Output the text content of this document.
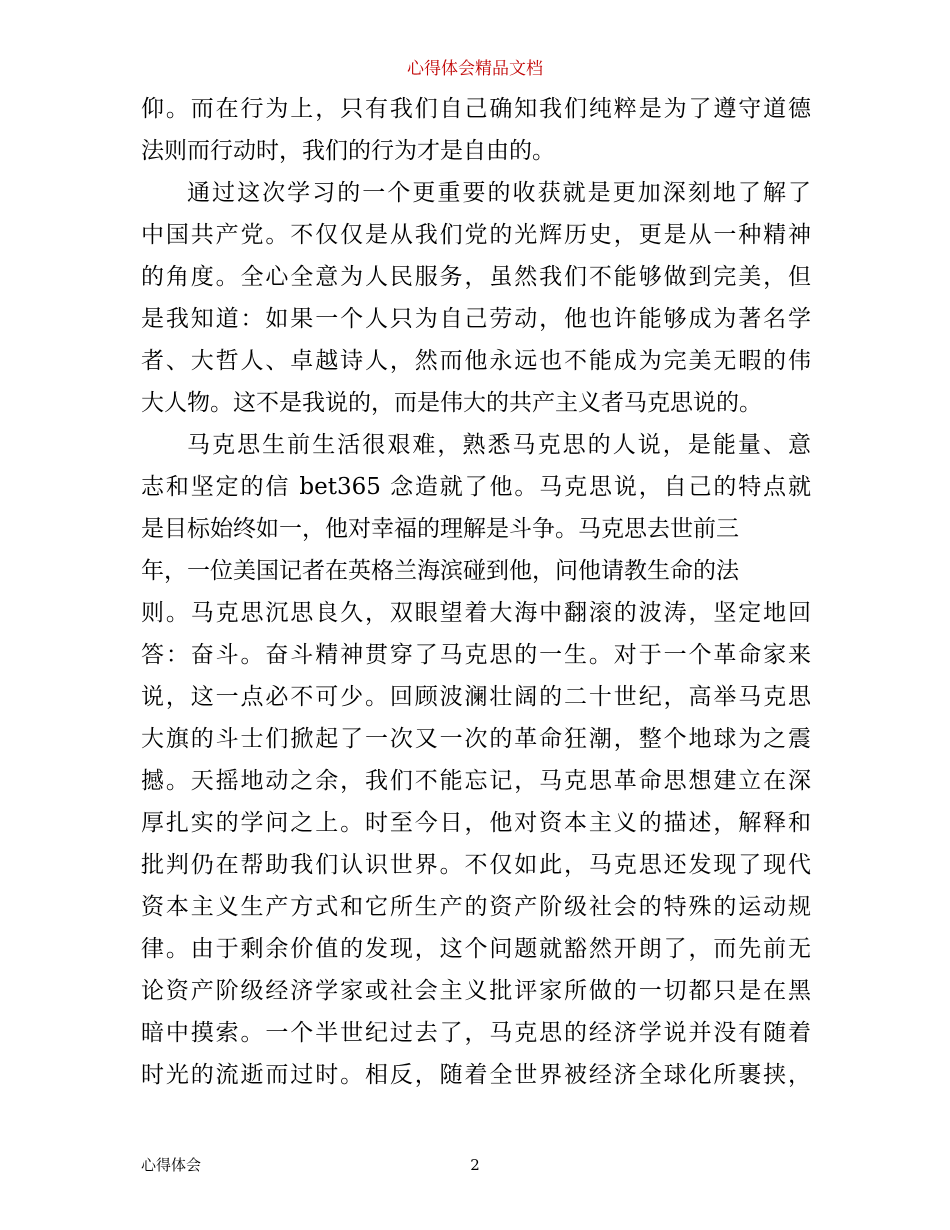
心得体会精品文档
仰。而在行为上，只有我们自己确知我们纯粹是为了遵守道德
法则而行动时，我们的行为才是自由的。
通过这次学习的一个更重要的收获就是更加深刻地了解了
中国共产党。不仅仅是从我们党的光辉历史，更是从一种精神
的角度。全心全意为人民服务，虽然我们不能够做到完美，但
是我知道：如果一个人只为自己劳动，他也许能够成为著名学
者、大哲人、卓越诗人，然而他永远也不能成为完美无暇的伟
大人物。这不是我说的，而是伟大的共产主义者马克思说的。
马克思生前生活很艰难，熟悉马克思的人说，是能量、意
志和坚定的信 bet365 念造就了他。马克思说，自己的特点就
是目标始终如一，他对幸福的理解是斗争。马克思去世前三
年，一位美国记者在英格兰海滨碰到他，问他请教生命的法
则。马克思沉思良久，双眼望着大海中翻滚的波涛，坚定地回
答：奋斗。奋斗精神贯穿了马克思的一生。对于一个革命家来
说，这一点必不可少。回顾波澜壮阔的二十世纪，高举马克思
大旗的斗士们掀起了一次又一次的革命狂潮，整个地球为之震
撼。天摇地动之余，我们不能忘记，马克思革命思想建立在深
厚扎实的学问之上。时至今日，他对资本主义的描述，解释和
批判仍在帮助我们认识世界。不仅如此，马克思还发现了现代
资本主义生产方式和它所生产的资产阶级社会的特殊的运动规
律。由于剩余价值的发现，这个问题就豁然开朗了，而先前无
论资产阶级经济学家或社会主义批评家所做的一切都只是在黑
暗中摸索。一个半世纪过去了，马克思的经济学说并没有随着
时光的流逝而过时。相反，随着全世界被经济全球化所裹挟，
心得体会	2
